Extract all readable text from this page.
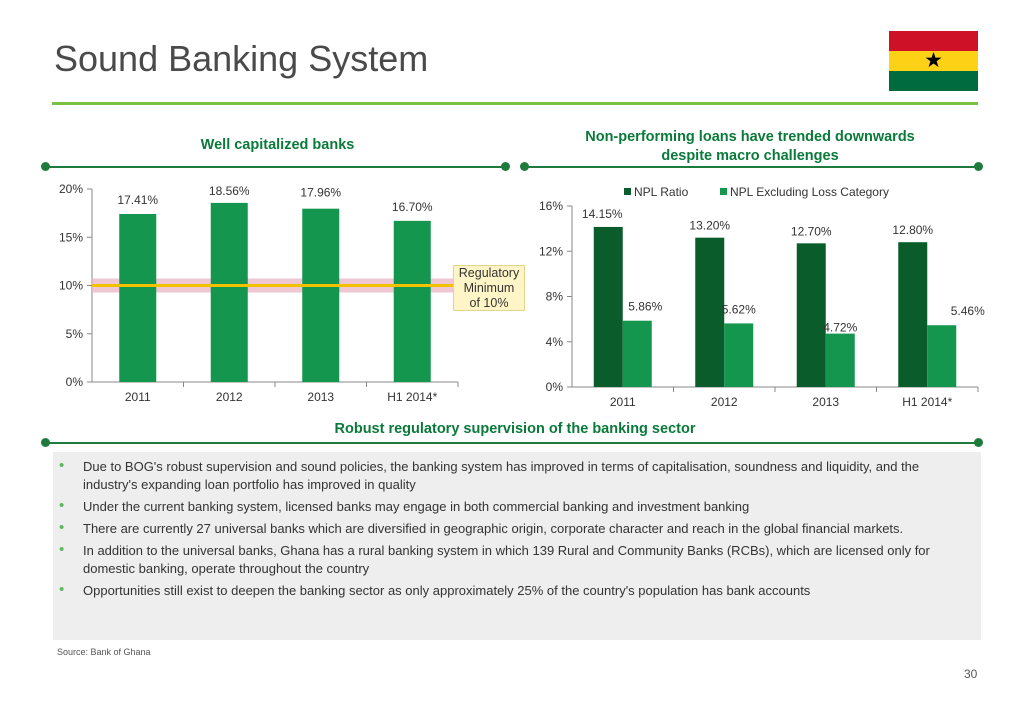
Sound Banking System	★
Well capitalized banks	Non-performing loans have trended downwards
despite macro challenges
0%
5%
10%
15%
20%
2011
17.41%
2012
18.56%
2013
17.96%
H1 2014*
16.70%
Regulatory
Minimum
of 10%
0%
4%
8%
12%
16%
NPL Ratio	NPL Excluding Loss Category
14.15%
5.86%
2011
13.20%
5.62%
2012
12.70%
4.72%
2013
12.80%
5.46%
H1 2014*
Robust regulatory supervision of the banking sector
• Due to BOG's robust supervision and sound policies, the banking system has improved in terms of capitalisation, soundness and liquidity, and the industry's expanding loan portfolio has improved in quality
• Under the current banking system, licensed banks may engage in both commercial banking and investment banking
• There are currently 27 universal banks which are diversified in geographic origin, corporate character and reach in the global financial markets.
• In addition to the universal banks, Ghana has a rural banking system in which 139 Rural and Community Banks (RCBs), which are licensed only for domestic banking, operate throughout the country
• Opportunities still exist to deepen the banking sector as only approximately 25% of the country's population has bank accounts
Source: Bank of Ghana
30
